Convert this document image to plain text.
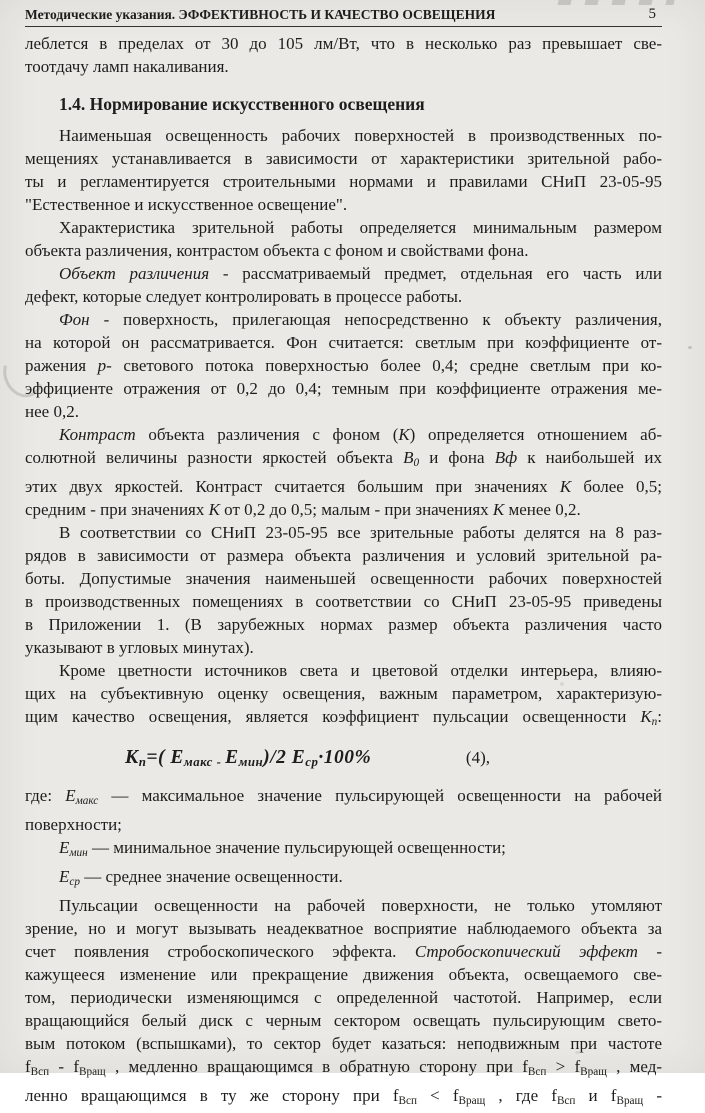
Методические указания. ЭФФЕКТИВНОСТЬ И КАЧЕСТВО ОСВЕЩЕНИЯ	5

леблется в пределах от 30 до 105 лм/Вт, что в несколько раз превышает све-
тоотдачу ламп накаливания.

1.4. Нормирование искусственного освещения

Наименьшая освещенность рабочих поверхностей в производственных по-
мещениях устанавливается в зависимости от характеристики зрительной рабо-
ты и регламентируется строительными нормами и правилами СНиП 23-05-95
"Естественное и искусственное освещение".

Характеристика зрительной работы определяется минимальным размером
объекта различения, контрастом объекта с фоном и свойствами фона.

Объект различения - рассматриваемый предмет, отдельная его часть или
дефект, которые следует контролировать в процессе работы.

Фон - поверхность, прилегающая непосредственно к объекту различения,
на которой он рассматривается. Фон считается: светлым при коэффициенте от-
ражения р- светового потока поверхностью более 0,4; средне светлым при ко-
эффициенте отражения от 0,2 до 0,4; темным при коэффициенте отражения ме-
нее 0,2.

Контраст объекта различения с фоном (К) определяется отношением аб-
солютной величины разности яркостей объекта В0 и фона Вф к наибольшей их
этих двух яркостей. Контраст считается большим при значениях К более 0,5;
средним - при значениях К от 0,2 до 0,5; малым - при значениях К менее 0,2.

В соответствии со СНиП 23-05-95 все зрительные работы делятся на 8 раз-
рядов в зависимости от размера объекта различения и условий зрительной ра-
боты. Допустимые значения наименьшей освещенности рабочих поверхностей
в производственных помещениях в соответствии со СНиП 23-05-95 приведены
в Приложении 1. (В зарубежных нормах размер объекта различения часто
указывают в угловых минутах).

Кроме цветности источников света и цветовой отделки интерьера, влияю-
щих на субъективную оценку освещения, важным параметром, характеризую-
щим качество освещения, является коэффициент пульсации освещенности Кп:

Кп=( Емакс - Емин)/2 Еср·100%	(4),
где: Емакс — максимальное значение пульсирующей освещенности на рабочей
поверхности;
Емин — минимальное значение пульсирующей освещенности;
Еср — среднее значение освещенности.

Пульсации освещенности на рабочей поверхности, не только утомляют
зрение, но и могут вызывать неадекватное восприятие наблюдаемого объекта за
счет появления стробоскопического эффекта. Стробоскопический эффект -
кажущееся изменение или прекращение движения объекта, освещаемого све-
том, периодически изменяющимся с определенной частотой. Например, если
вращающийся белый диск с черным сектором освещать пульсирующим свето-
вым потоком (вспышками), то сектор будет казаться: неподвижным при частоте
fВсп - fВращ , медленно вращающимся в обратную сторону при fВсп > fВращ , мед-
ленно вращающимся в ту же сторону при fВсп < fВращ , где fВсп и fВращ -
